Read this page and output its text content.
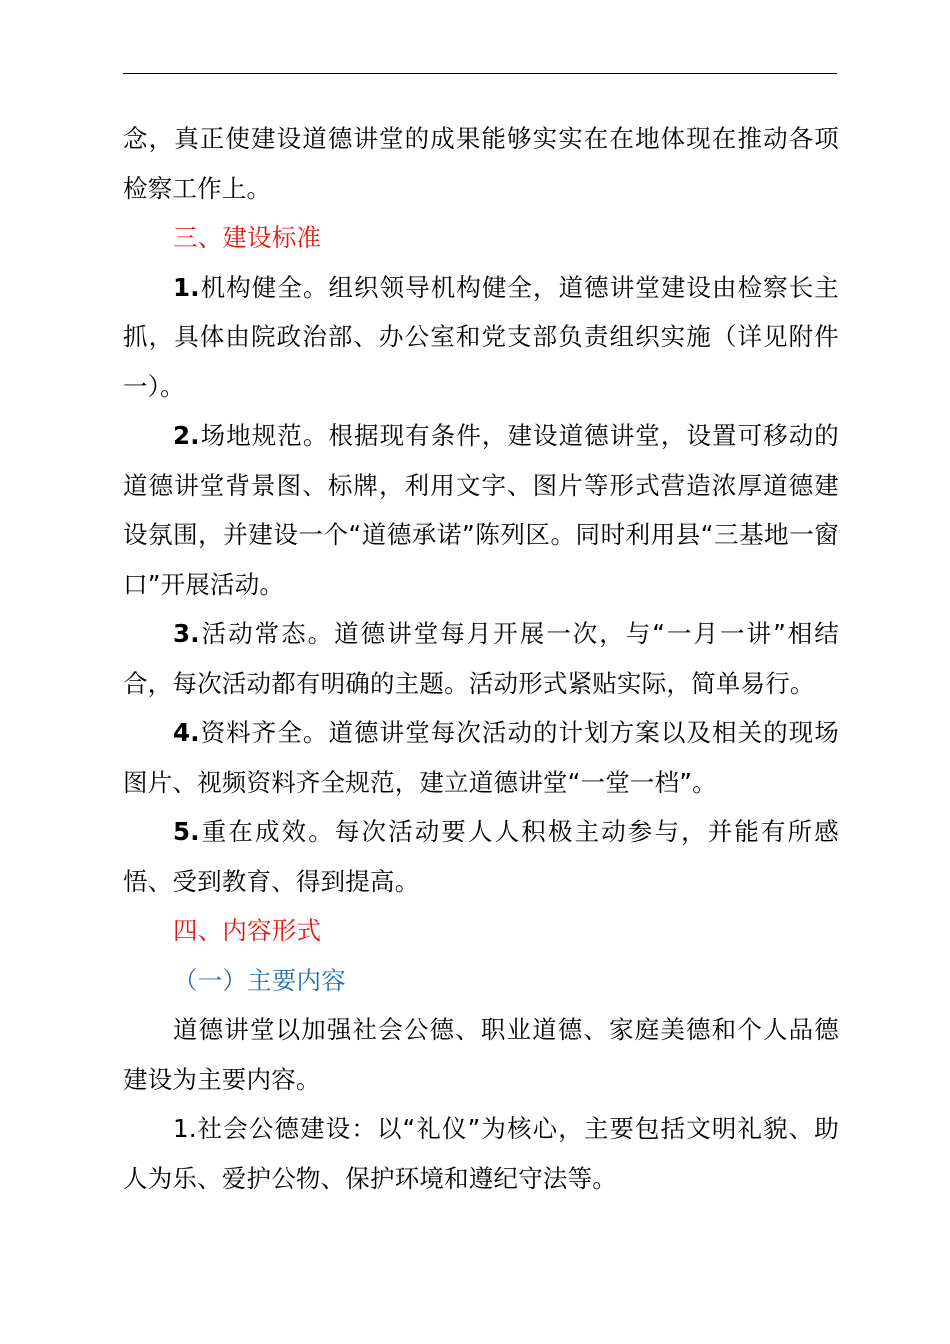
念，真正使建设道德讲堂的成果能够实实在在地体现在推动各项检察工作上。

三、建设标准

1.机构健全。组织领导机构健全，道德讲堂建设由检察长主抓，具体由院政治部、办公室和党支部负责组织实施（详见附件一）。

2.场地规范。根据现有条件，建设道德讲堂，设置可移动的道德讲堂背景图、标牌，利用文字、图片等形式营造浓厚道德建设氛围，并建设一个“道德承诺”陈列区。同时利用县“三基地一窗口”开展活动。

3.活动常态。道德讲堂每月开展一次，与“一月一讲”相结合，每次活动都有明确的主题。活动形式紧贴实际，简单易行。

4.资料齐全。道德讲堂每次活动的计划方案以及相关的现场图片、视频资料齐全规范，建立道德讲堂“一堂一档”。

5.重在成效。每次活动要人人积极主动参与，并能有所感悟、受到教育、得到提高。

四、内容形式

（一）主要内容

道德讲堂以加强社会公德、职业道德、家庭美德和个人品德建设为主要内容。

1.社会公德建设：以“礼仪”为核心，主要包括文明礼貌、助人为乐、爱护公物、保护环境和遵纪守法等。
